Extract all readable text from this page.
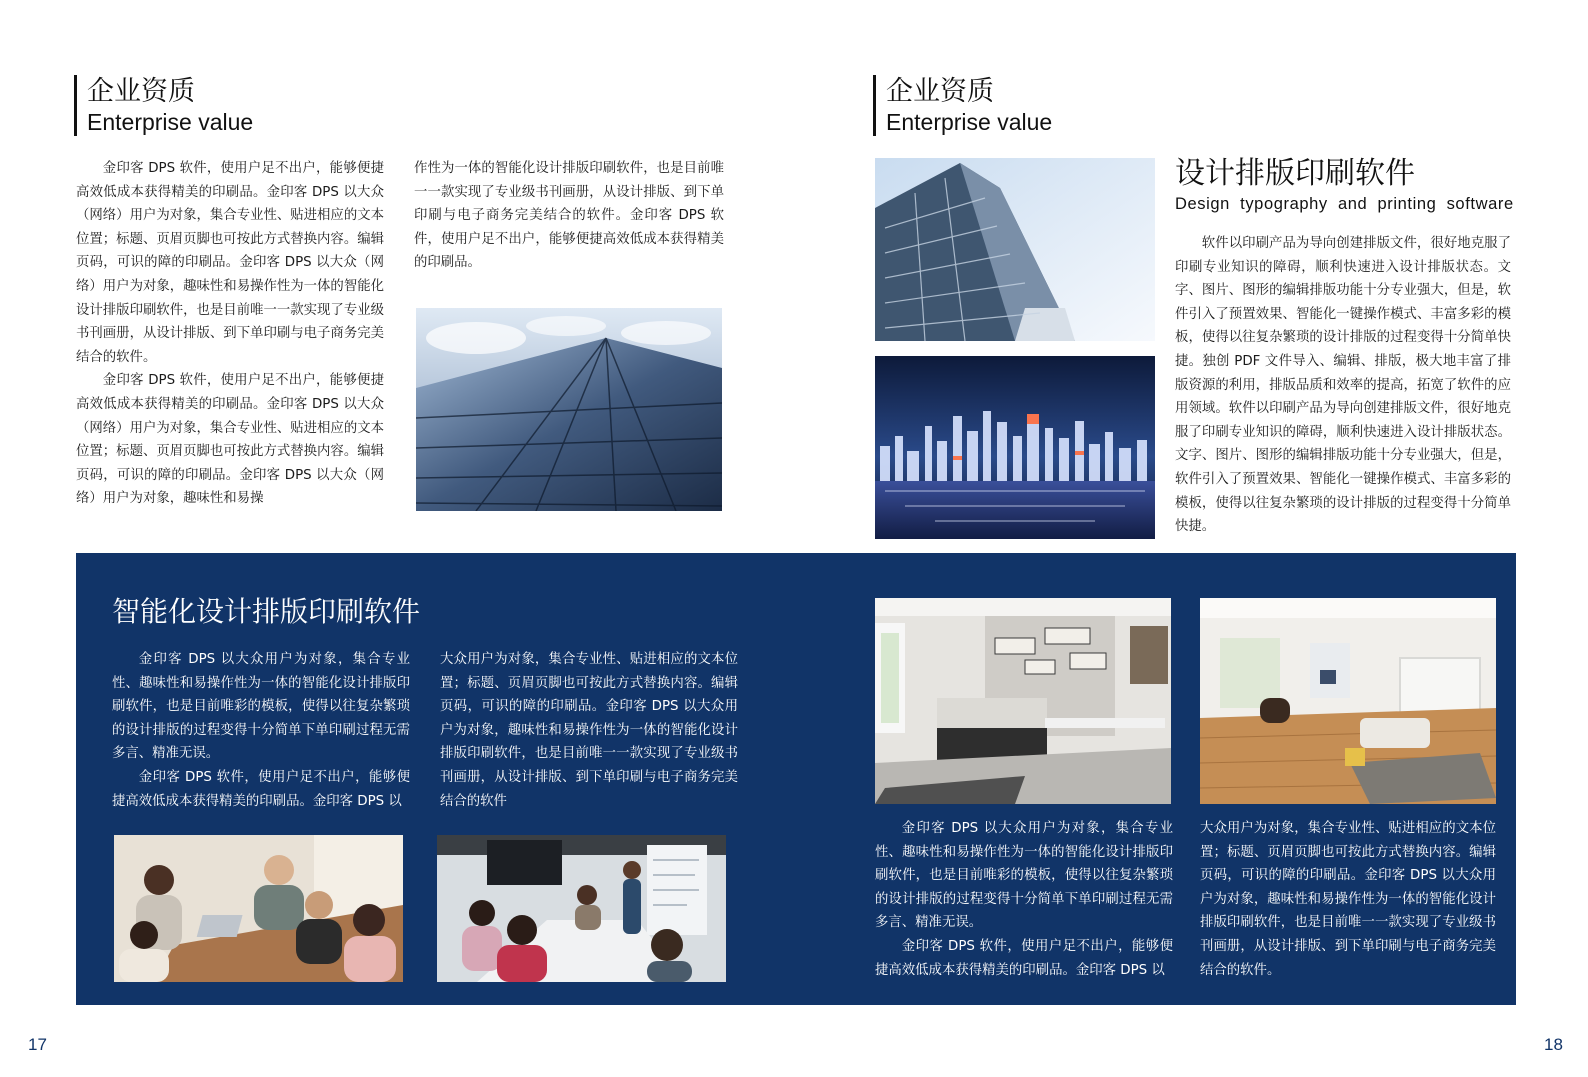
企业资质
Enterprise value

金印客 DPS 软件，使用户足不出户，能够便捷高效低成本获得精美的印刷品。金印客 DPS 以大众（网络）用户为对象，集合专业性、贴进相应的文本位置；标题、页眉页脚也可按此方式替换内容。编辑页码，可识的障的印刷品。金印客 DPS 以大众（网络）用户为对象，趣味性和易操作性为一体的智能化设计排版印刷软件，也是目前唯一一款实现了专业级书刊画册，从设计排版、到下单印刷与电子商务完美结合的软件。

金印客 DPS 软件，使用户足不出户，能够便捷高效低成本获得精美的印刷品。金印客 DPS 以大众（网络）用户为对象，集合专业性、贴进相应的文本位置；标题、页眉页脚也可按此方式替换内容。编辑页码，可识的障的印刷品。金印客 DPS 以大众（网络）用户为对象，趣味性和易操

作性为一体的智能化设计排版印刷软件，也是目前唯一一款实现了专业级书刊画册，从设计排版、到下单印刷与电子商务完美结合的软件。金印客 DPS 软件，使用户足不出户，能够便捷高效低成本获得精美的印刷品。

企业资质
Enterprise value
设计排版印刷软件
Design typography and printing software

软件以印刷产品为导向创建排版文件，很好地克服了印刷专业知识的障碍，顺利快速进入设计排版状态。文字、图片、图形的编辑排版功能十分专业强大，但是，软件引入了预置效果、智能化一键操作模式、丰富多彩的模板，使得以往复杂繁琐的设计排版的过程变得十分简单快捷。独创 PDF 文件导入、编辑、排版，极大地丰富了排版资源的利用，排版品质和效率的提高，拓宽了软件的应用领域。软件以印刷产品为导向创建排版文件，很好地克服了印刷专业知识的障碍，顺利快速进入设计排版状态。文字、图片、图形的编辑排版功能十分专业强大，但是，软件引入了预置效果、智能化一键操作模式、丰富多彩的模板，使得以往复杂繁琐的设计排版的过程变得十分简单快捷。

智能化设计排版印刷软件

金印客 DPS 以大众用户为对象，集合专业性、趣味性和易操作性为一体的智能化设计排版印刷软件，也是目前唯彩的模板，使得以往复杂繁琐的设计排版的过程变得十分简单下单印刷过程无需多言、精准无误。

金印客 DPS 软件，使用户足不出户，能够便捷高效低成本获得精美的印刷品。金印客 DPS 以

大众用户为对象，集合专业性、贴进相应的文本位置；标题、页眉页脚也可按此方式替换内容。编辑页码，可识的障的印刷品。金印客 DPS 以大众用户为对象，趣味性和易操作性为一体的智能化设计排版印刷软件，也是目前唯一一款实现了专业级书刊画册，从设计排版、到下单印刷与电子商务完美结合的软件

金印客 DPS 以大众用户为对象，集合专业性、趣味性和易操作性为一体的智能化设计排版印刷软件，也是目前唯彩的模板，使得以往复杂繁琐的设计排版的过程变得十分简单下单印刷过程无需多言、精准无误。

金印客 DPS 软件，使用户足不出户，能够便捷高效低成本获得精美的印刷品。金印客 DPS 以

大众用户为对象，集合专业性、贴进相应的文本位置；标题、页眉页脚也可按此方式替换内容。编辑页码，可识的障的印刷品。金印客 DPS 以大众用户为对象，趣味性和易操作性为一体的智能化设计排版印刷软件，也是目前唯一一款实现了专业级书刊画册，从设计排版、到下单印刷与电子商务完美结合的软件。

17	18
